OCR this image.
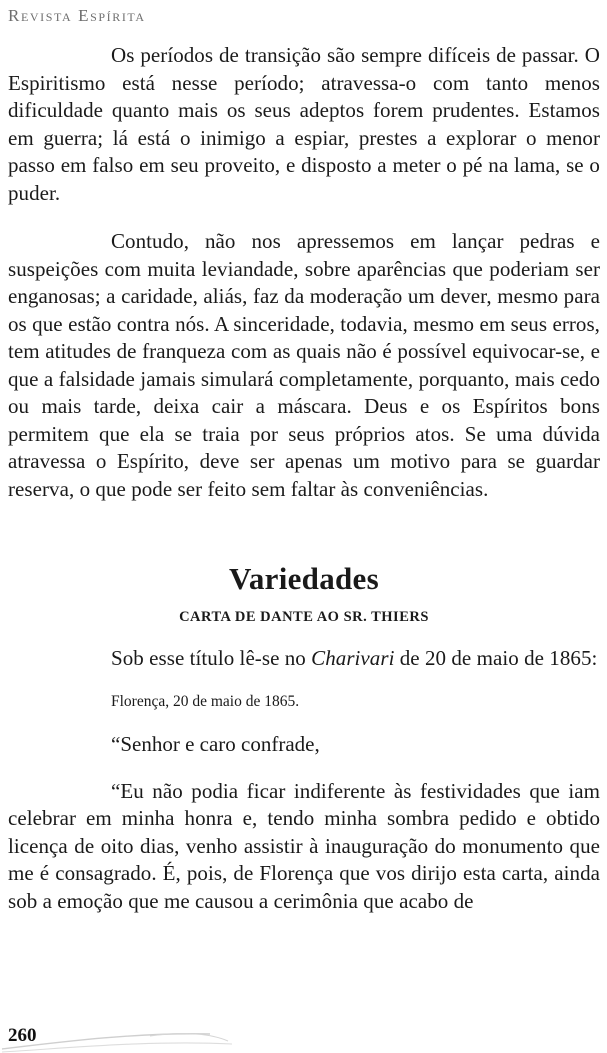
Revista Espírita

Os períodos de transição são sempre difíceis de passar. O Espiritismo está nesse período; atravessa-o com tanto menos dificuldade quanto mais os seus adeptos forem prudentes. Estamos em guerra; lá está o inimigo a espiar, prestes a explorar o menor passo em falso em seu proveito, e disposto a meter o pé na lama, se o puder.

Contudo, não nos apressemos em lançar pedras e suspeições com muita leviandade, sobre aparências que poderiam ser enganosas; a caridade, aliás, faz da moderação um dever, mesmo para os que estão contra nós. A sinceridade, todavia, mesmo em seus erros, tem atitudes de franqueza com as quais não é possível equivocar-se, e que a falsidade jamais simulará completamente, porquanto, mais cedo ou mais tarde, deixa cair a máscara. Deus e os Espíritos bons permitem que ela se traia por seus próprios atos. Se uma dúvida atravessa o Espírito, deve ser apenas um motivo para se guardar reserva, o que pode ser feito sem faltar às conveniências.

Variedades
CARTA DE DANTE AO SR. THIERS

Sob esse título lê-se no Charivari de 20 de maio de 1865:

Florença, 20 de maio de 1865.
“Senhor e caro confrade,

“Eu não podia ficar indiferente às festividades que iam celebrar em minha honra e, tendo minha sombra pedido e obtido licença de oito dias, venho assistir à inauguração do monumento que me é consagrado. É, pois, de Florença que vos dirijo esta carta, ainda sob a emoção que me causou a cerimônia que acabo de

260
